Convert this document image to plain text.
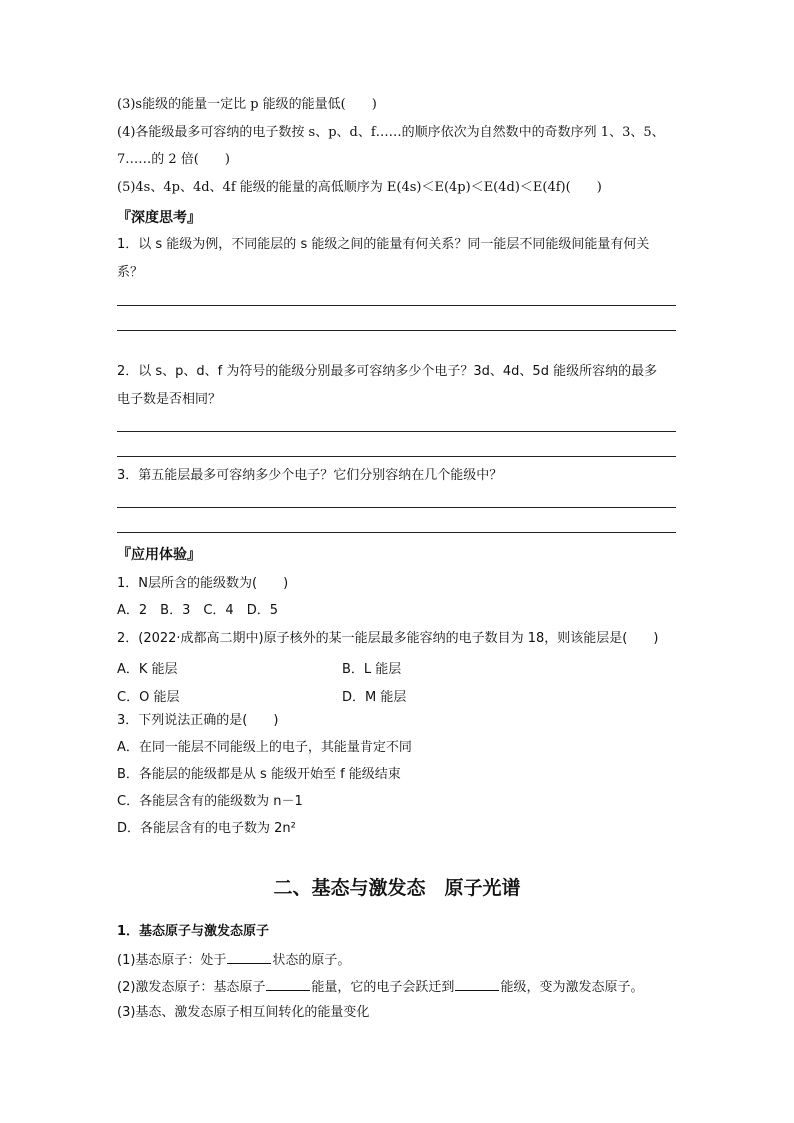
(3)s能级的能量一定比 p 能级的能量低(　　)
(4)各能级最多可容纳的电子数按 s、p、d、f……的顺序依次为自然数中的奇数序列 1、3、5、
7……的 2 倍(　　)
(5)4s、4p、4d、4f 能级的能量的高低顺序为 E(4s)＜E(4p)＜E(4d)＜E(4f)(　　)
『深度思考』
1．以 s 能级为例，不同能层的 s 能级之间的能量有何关系？同一能层不同能级间能量有何关
系？
2．以 s、p、d、f 为符号的能级分别最多可容纳多少个电子？3d、4d、5d 能级所容纳的最多
电子数是否相同？
3．第五能层最多可容纳多少个电子？它们分别容纳在几个能级中？
『应用体验』
1．N层所含的能级数为(　　)
A．2　B．3　C．4　D．5
2．(2022·成都高二期中)原子核外的某一能层最多能容纳的电子数目为 18，则该能层是(　　)
A．K 能层	B．L 能层
C．O 能层	D．M 能层
3．下列说法正确的是(　　)
A．在同一能层不同能级上的电子，其能量肯定不同
B．各能层的能级都是从 s 能级开始至 f 能级结束
C．各能层含有的能级数为 n－1
D．各能层含有的电子数为 2n²
二、基态与激发态　原子光谱
1．基态原子与激发态原子
(1)基态原子：处于	状态的原子。
(2)激发态原子：基态原子	能量，它的电子会跃迁到	能级，变为激发态原子。
(3)基态、激发态原子相互间转化的能量变化
